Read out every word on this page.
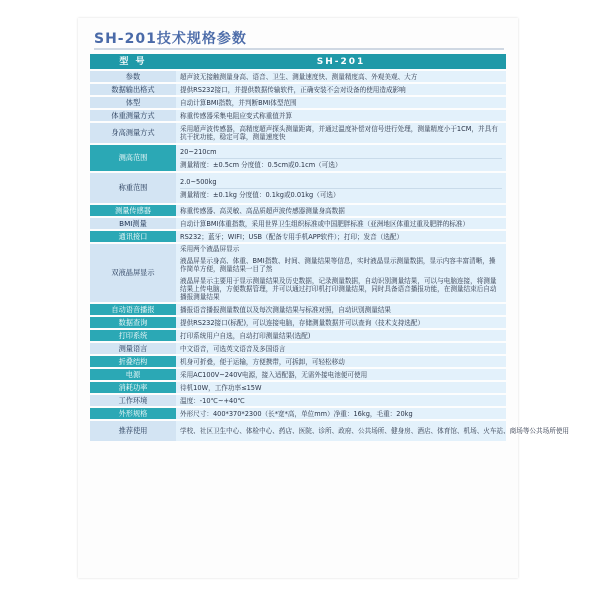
SH-201技术规格参数
型 号	SH-201
参数	超声波无接触测量身高、语音、卫生、测量速度快、测量精度高、外观美观、大方

数据输出格式	提供RS232接口，并提供数据传输软件，正确安装不会对设备的使用造成影响

体型	自动计算BMI指数，并判断BMI体型范围

体重测量方式	称重传感器采集电阻应变式称重值并算

身高测量方式	采用超声波传感器，高精度超声探头测量距离，并通过温度补偿对信号进行处理，测量精度小于1CM，并具有抗干扰功能，稳定可靠，测量速度快

测高范围	20~210cm
测量精度：±0.5cm 分度值：0.5cm或0.1cm（可选）

称重范围	2.0~500kg
测量精度：±0.1kg 分度值：0.1kg或0.01kg（可选）

测量传感器	称重传感器、高灵敏、高品质超声波传感器测量身高数据

BMI测量	自动计算BMI体重指数，采用世界卫生组织标准或中国肥胖标准（亚洲地区体重过重及肥胖的标准）

通讯接口	RS232；蓝牙；WIFI；USB（配备专用手机APP软件）；打印；发音（选配）

双液晶屏显示	采用两个液晶屏显示
液晶屏显示身高、体重、BMI指数、时间、测量结果等信息，实时液晶显示测量数据，显示内容丰富清晰，操作简单方便，测量结果一目了然
液晶屏显示主要用于显示测量结果及历史数据，记录测量数据，自动识别测量结果，可以与电脑连接，将测量结果上传电脑，方便数据管理，并可以通过打印机打印测量结果，同时具备语音播报功能，在测量结束后自动播报测量结果

自动语音播报	播报语音播报测量数值以及每次测量结果与标准对照，自动识别测量结果

数据查询	提供RS232接口(标配)，可以连接电脑，存储测量数据并可以查询（技术支持选配）

打印系统	打印系统用户自选，自动打印测量结果(选配)

测量语言	中文语音，可选英文语音及多国语言

折叠结构	机身可折叠，便于运输，方便携带，可拆卸，可轻松移动

电源	采用AC100V~240V电源，接入适配器，无需外接电池便可使用

消耗功率	待机10W，工作功率≤15W

工作环境	温度：-10℃~+40℃

外形规格	外形尺寸：400*370*2300（长*宽*高，单位mm）净重：16kg，毛重：20kg

推荐使用	学校、社区卫生中心、体检中心、药店、医院、诊所、政府、公共场所、健身房、酒店、体育馆、机场、火车站、商场等公共场所使用
